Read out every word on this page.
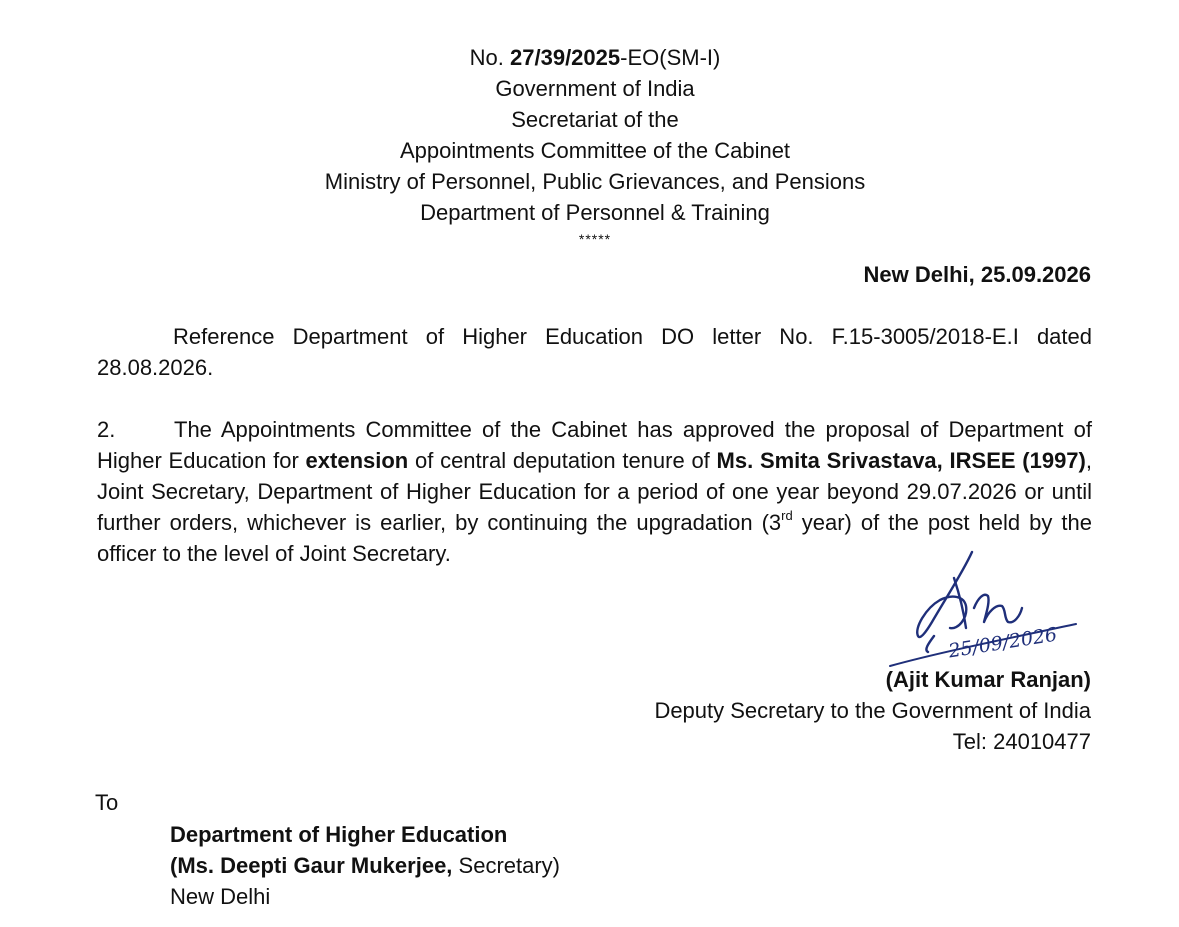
No. 27/39/2025-EO(SM-I)
Government of India
Secretariat of the
Appointments Committee of the Cabinet
Ministry of Personnel, Public Grievances, and Pensions
Department of Personnel & Training
*****
New Delhi, 25.09.2026
Reference Department of Higher Education DO letter No. F.15-3005/2018-E.I dated 28.08.2026.
2.	The Appointments Committee of the Cabinet has approved the proposal of Department of Higher Education for extension of central deputation tenure of Ms. Smita Srivastava, IRSEE (1997), Joint Secretary, Department of Higher Education for a period of one year beyond 29.07.2026 or until further orders, whichever is earlier, by continuing the upgradation (3rd year) of the post held by the officer to the level of Joint Secretary.
25/09/2026
(Ajit Kumar Ranjan)
Deputy Secretary to the Government of India
Tel: 24010477
To
Department of Higher Education
(Ms. Deepti Gaur Mukerjee, Secretary)
New Delhi
